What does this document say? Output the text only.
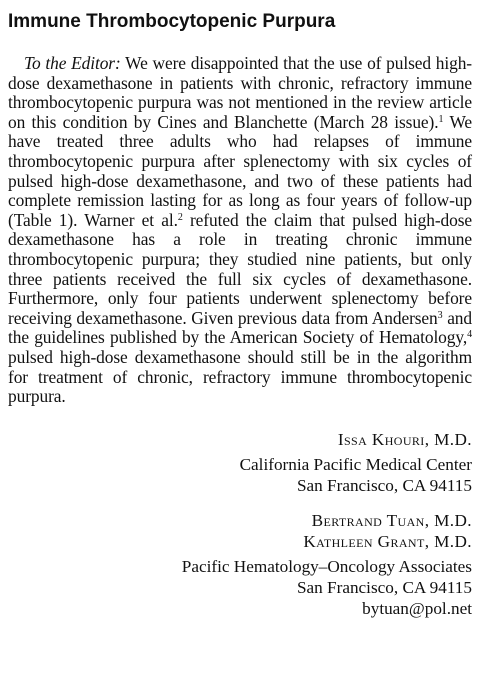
Immune Thrombocytopenic Purpura

To the Editor: We were disappointed that the use of pulsed high-dose dexamethasone in patients with chronic, refractory immune thrombocytopenic purpura was not mentioned in the review article on this condition by Cines and Blanchette (March 28 issue).$^1$ We have treated three adults who had relapses of immune thrombocytopenic purpura after splenectomy with six cycles of pulsed high-dose dexamethasone, and two of these patients had complete remission lasting for as long as four years of follow-up (Table 1). Warner et al.$^2$ refuted the claim that pulsed high-dose dexamethasone has a role in treating chronic immune thrombocytopenic purpura; they studied nine patients, but only three patients received the full six cycles of dexamethasone. Furthermore, only four patients underwent splenectomy before receiving dexamethasone. Given previous data from Andersen$^3$ and the guidelines published by the American Society of Hematology,$^4$ pulsed high-dose dexamethasone should still be in the algorithm for treatment of chronic, refractory immune thrombocytopenic purpura.

Issa Khouri, M.D.
California Pacific Medical Center
San Francisco, CA 94115
Bertrand Tuan, M.D.
Kathleen Grant, M.D.
Pacific Hematology–Oncology Associates
San Francisco, CA 94115
bytuan@pol.net
